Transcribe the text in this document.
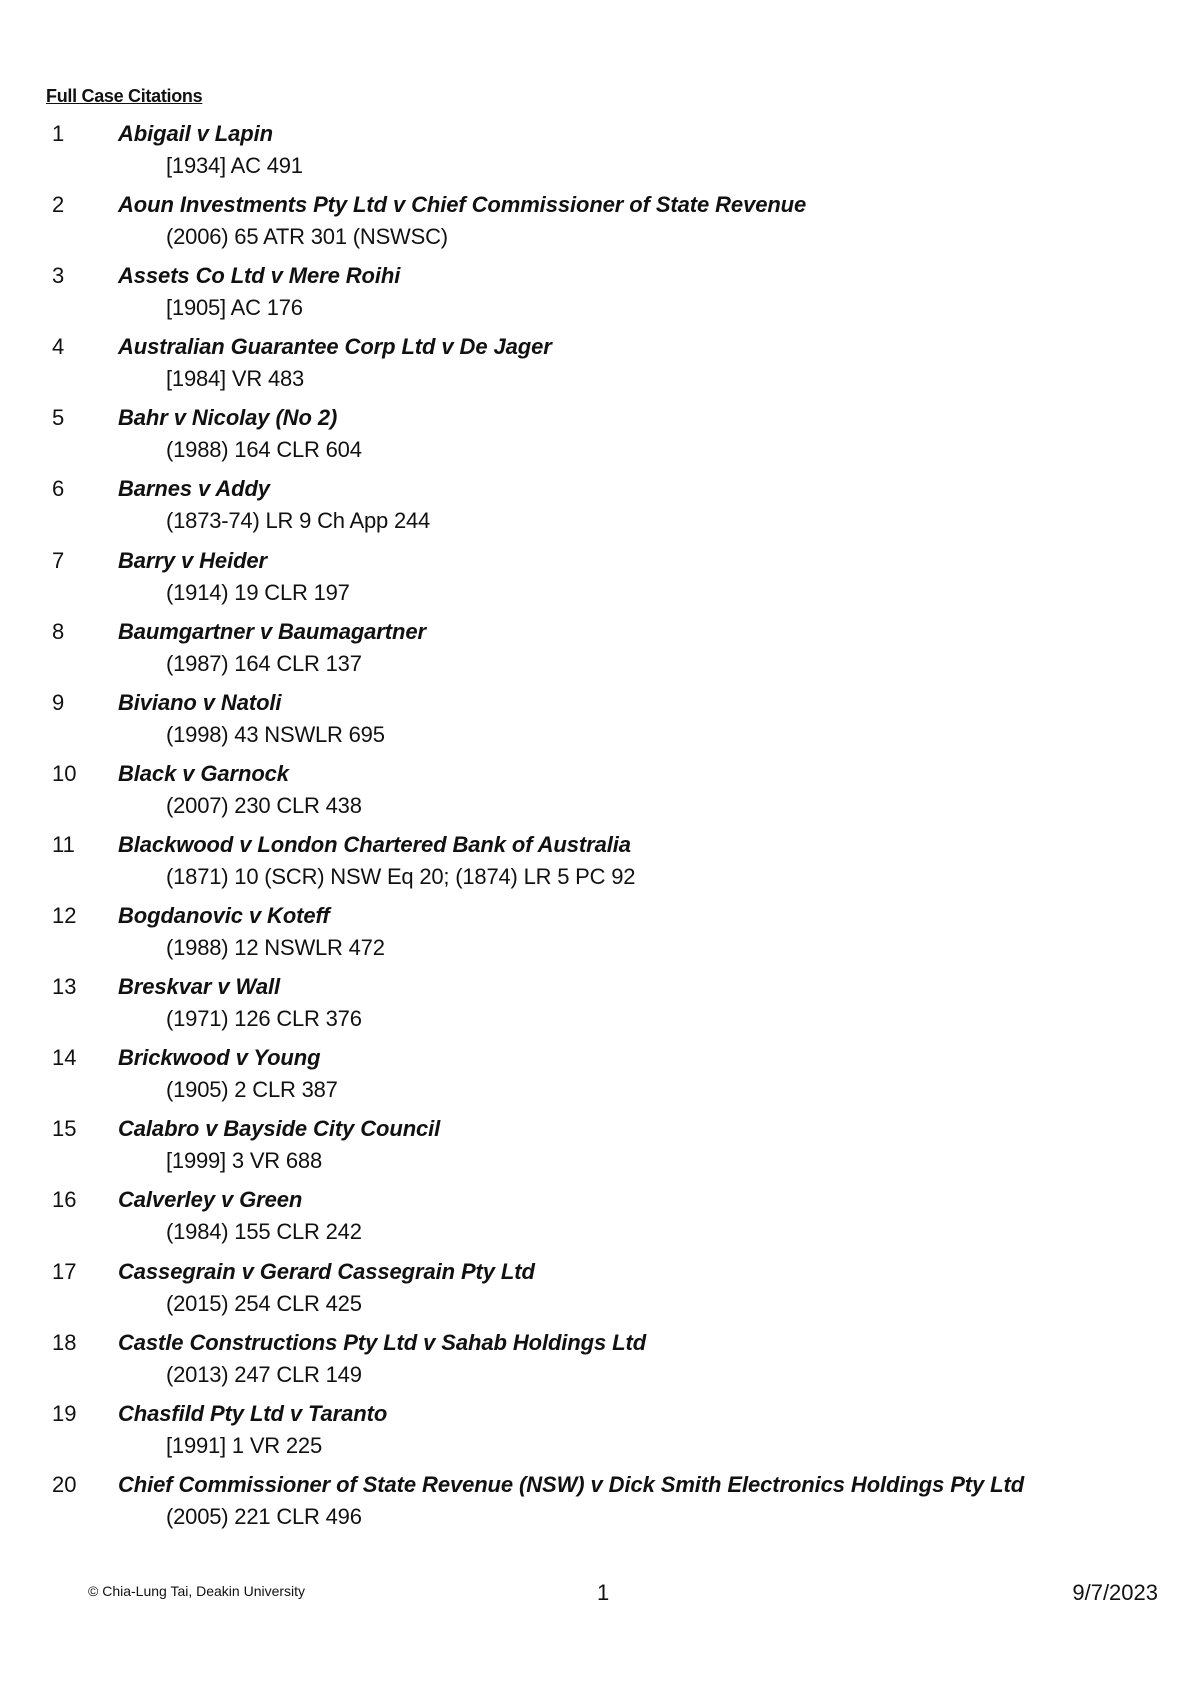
Full Case Citations
1 Abigail v Lapin
[1934] AC 491
2 Aoun Investments Pty Ltd v Chief Commissioner of State Revenue
(2006) 65 ATR 301 (NSWSC)
3 Assets Co Ltd v Mere Roihi
[1905] AC 176
4 Australian Guarantee Corp Ltd v De Jager
[1984] VR 483
5 Bahr v Nicolay (No 2)
(1988) 164 CLR 604
6 Barnes v Addy
(1873-74) LR 9 Ch App 244
7 Barry v Heider
(1914) 19 CLR 197
8 Baumgartner v Baumagartner
(1987) 164 CLR 137
9 Biviano v Natoli
(1998) 43 NSWLR 695
10 Black v Garnock
(2007) 230 CLR 438
11 Blackwood v London Chartered Bank of Australia
(1871) 10 (SCR) NSW Eq 20; (1874) LR 5 PC 92
12 Bogdanovic v Koteff
(1988) 12 NSWLR 472
13 Breskvar v Wall
(1971) 126 CLR 376
14 Brickwood v Young
(1905) 2 CLR 387
15 Calabro v Bayside City Council
[1999] 3 VR 688
16 Calverley v Green
(1984) 155 CLR 242
17 Cassegrain v Gerard Cassegrain Pty Ltd
(2015) 254 CLR 425
18 Castle Constructions Pty Ltd v Sahab Holdings Ltd
(2013) 247 CLR 149
19 Chasfild Pty Ltd v Taranto
[1991] 1 VR 225
20 Chief Commissioner of State Revenue (NSW) v Dick Smith Electronics Holdings Pty Ltd
(2005) 221 CLR 496
© Chia-Lung Tai, Deakin University	1	9/7/2023
